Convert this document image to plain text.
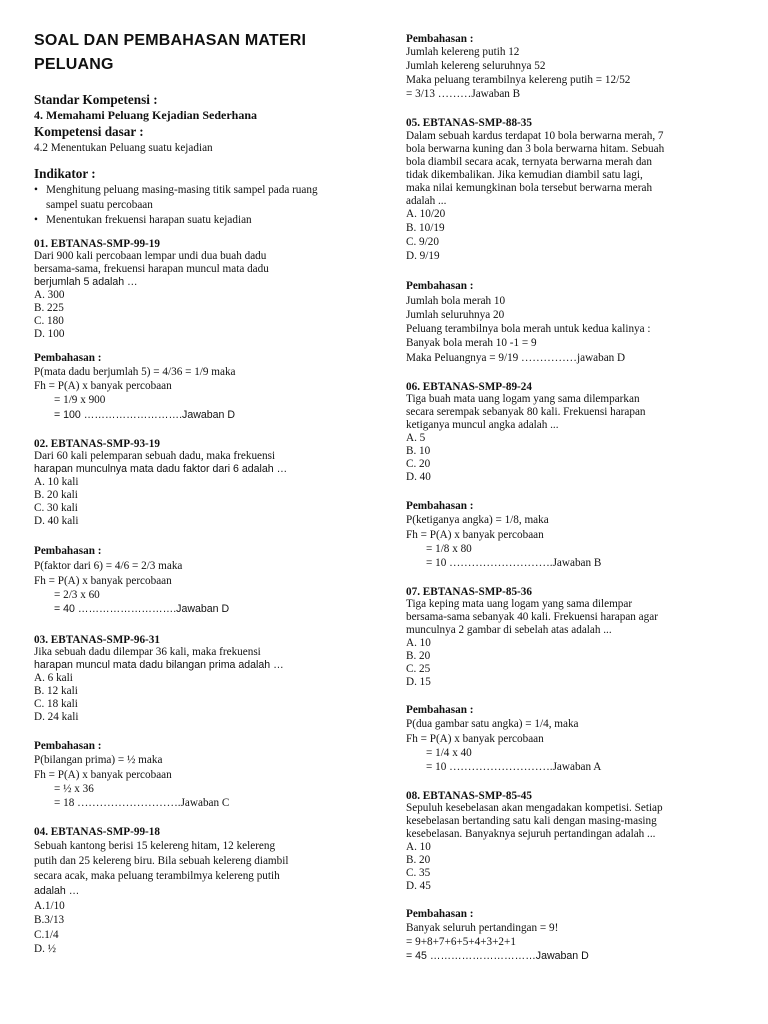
SOAL DAN PEMBAHASAN MATERI
PELUANG
Standar Kompetensi :
4. Memahami Peluang Kejadian Sederhana
Kompetensi dasar :
4.2 Menentukan Peluang suatu kejadian
Indikator :
• Menghitung peluang masing-masing titik sampel pada ruang
sampel suatu percobaan
• Menentukan frekuensi harapan suatu kejadian
01. EBTANAS-SMP-99-19
Dari 900 kali percobaan lempar undi dua buah dadu
bersama-sama, frekuensi harapan muncul mata dadu
berjumlah 5 adalah …
A. 300
B. 225
C. 180
D. 100
Pembahasan :
P(mata dadu berjumlah 5) = 4/36 = 1/9 maka
Fh = P(A) x banyak percobaan
= 1/9 x 900
= 100 ……………………….Jawaban D
02. EBTANAS-SMP-93-19
Dari 60 kali pelemparan sebuah dadu, maka frekuensi
harapan munculnya mata dadu faktor dari 6 adalah …
A. 10 kali
B. 20 kali
C. 30 kali
D. 40 kali
Pembahasan :
P(faktor dari 6) = 4/6 = 2/3 maka
Fh = P(A) x banyak percobaan
= 2/3 x 60
= 40 ……………………….Jawaban D
03. EBTANAS-SMP-96-31
Jika sebuah dadu dilempar 36 kali, maka frekuensi
harapan muncul mata dadu bilangan prima adalah …
A. 6 kali
B. 12 kali
C. 18 kali
D. 24 kali
Pembahasan :
P(bilangan prima) = ½ maka
Fh = P(A) x banyak percobaan
= ½ x 36
= 18 ……………………….Jawaban C
04. EBTANAS-SMP-99-18
Sebuah kantong berisi 15 kelereng hitam, 12 kelereng
putih dan 25 kelereng biru. Bila sebuah kelereng diambil
secara acak, maka peluang terambilmya kelereng putih
adalah …
A.1/10
B.3/13
C.1/4
D. ½
Pembahasan :
Jumlah kelereng putih 12
Jumlah kelereng seluruhnya 52
Maka peluang terambilnya kelereng putih = 12/52
= 3/13 ………Jawaban B
05. EBTANAS-SMP-88-35
Dalam sebuah kardus terdapat 10 bola berwarna merah, 7
bola berwarna kuning dan 3 bola berwarna hitam. Sebuah
bola diambil secara acak, ternyata berwarna merah dan
tidak dikembalikan. Jika kemudian diambil satu lagi,
maka nilai kemungkinan bola tersebut berwarna merah
adalah ...
A. 10/20
B. 10/19
C. 9/20
D. 9/19
Pembahasan :
Jumlah bola merah 10
Jumlah seluruhnya 20
Peluang terambilnya bola merah untuk kedua kalinya :
Banyak bola merah 10 -1 = 9
Maka Peluangnya = 9/19 ……………jawaban D
06. EBTANAS-SMP-89-24
Tiga buah mata uang logam yang sama dilemparkan
secara serempak sebanyak 80 kali. Frekuensi harapan
ketiganya muncul angka adalah ...
A. 5
B. 10
C. 20
D. 40
Pembahasan :
P(ketiganya angka) = 1/8, maka
Fh = P(A) x banyak percobaan
= 1/8 x 80
= 10 ……………………….Jawaban B
07. EBTANAS-SMP-85-36
Tiga keping mata uang logam yang sama dilempar
bersama-sama sebanyak 40 kali. Frekuensi harapan agar
munculnya 2 gambar di sebelah atas adalah ...
A. 10
B. 20
C. 25
D. 15
Pembahasan :
P(dua gambar satu angka) = 1/4, maka
Fh = P(A) x banyak percobaan
= 1/4 x 40
= 10 ……………………….Jawaban A
08. EBTANAS-SMP-85-45
Sepuluh kesebelasan akan mengadakan kompetisi. Setiap
kesebelasan bertanding satu kali dengan masing-masing
kesebelasan. Banyaknya sejuruh pertandingan adalah ...
A. 10
B. 20
C. 35
D. 45
Pembahasan :
Banyak seluruh pertandingan = 9!
= 9+8+7+6+5+4+3+2+1
= 45 …………………………Jawaban D
